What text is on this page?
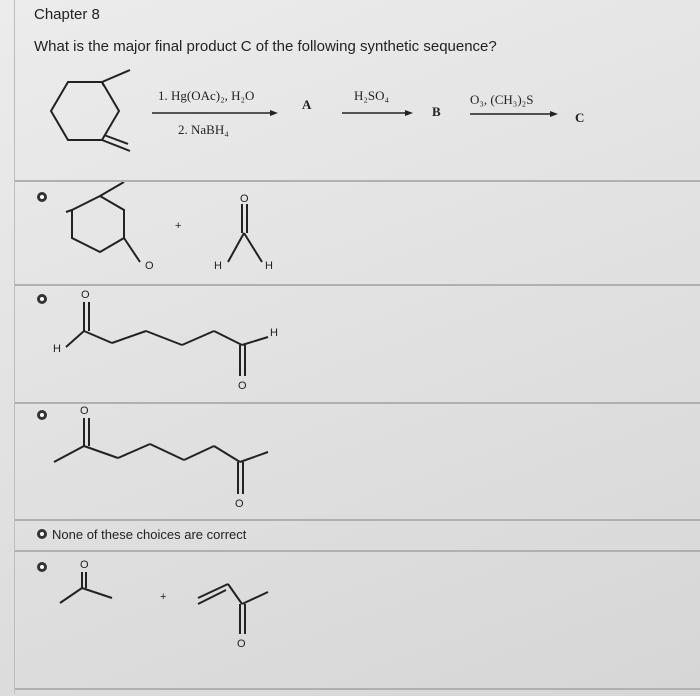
Chapter 8
What is the major final product C of the following synthetic sequence?
O
+
H
O
H
O
H
H
O
O
O
O
+
O
1. Hg(OAc)₂, H₂O
2. NaBH₄
A
H₂SO₄
B
O₃, (CH₃)₂S
C
None of these choices are correct
